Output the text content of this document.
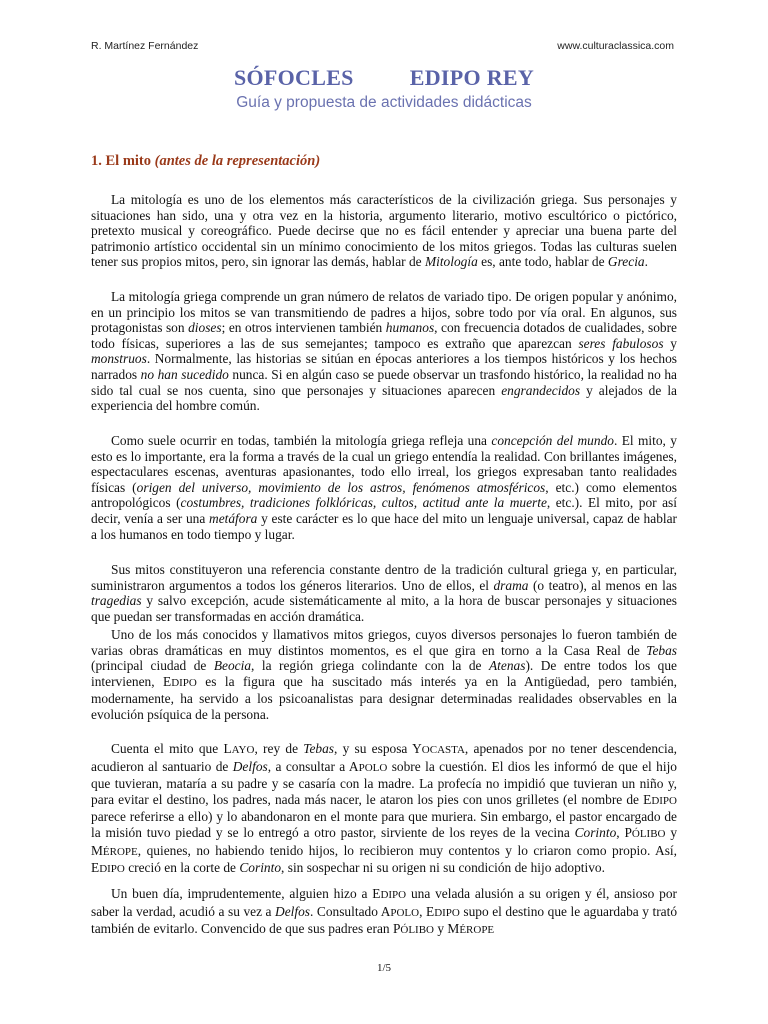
R. Martínez Fernández	www.culturaclassica.com
SÓFOCLES	EDIPO REY
Guía y propuesta de actividades didácticas
1. El mito (antes de la representación)

La mitología es uno de los elementos más característicos de la civilización griega. Sus personajes y situaciones han sido, una y otra vez en la historia, argumento literario, motivo escultórico o pictórico, pretexto musical y coreográfico. Puede decirse que no es fácil entender y apreciar una buena parte del patrimonio artístico occidental sin un mínimo conocimiento de los mitos griegos. Todas las culturas suelen tener sus propios mitos, pero, sin ignorar las demás, hablar de Mitología es, ante todo, hablar de Grecia.

La mitología griega comprende un gran número de relatos de variado tipo. De origen popular y anónimo, en un principio los mitos se van transmitiendo de padres a hijos, sobre todo por vía oral. En algunos, sus protagonistas son dioses; en otros intervienen también humanos, con frecuencia dotados de cualidades, sobre todo físicas, superiores a las de sus semejantes; tampoco es extraño que aparezcan seres fabulosos y monstruos. Normalmente, las historias se sitúan en épocas anteriores a los tiempos históricos y los hechos narrados no han sucedido nunca. Si en algún caso se puede observar un trasfondo histórico, la realidad no ha sido tal cual se nos cuenta, sino que personajes y situaciones aparecen engrandecidos y alejados de la experiencia del hombre común.

Como suele ocurrir en todas, también la mitología griega refleja una concepción del mundo. El mito, y esto es lo importante, era la forma a través de la cual un griego entendía la realidad. Con brillantes imágenes, espectaculares escenas, aventuras apasionantes, todo ello irreal, los griegos expresaban tanto realidades físicas (origen del universo, movimiento de los astros, fenómenos atmosféricos, etc.) como elementos antropológicos (costumbres, tradiciones folklóricas, cultos, actitud ante la muerte, etc.). El mito, por así decir, venía a ser una metáfora y este carácter es lo que hace del mito un lenguaje universal, capaz de hablar a los humanos en todo tiempo y lugar.

Sus mitos constituyeron una referencia constante dentro de la tradición cultural griega y, en particular, suministraron argumentos a todos los géneros literarios. Uno de ellos, el drama (o teatro), al menos en las tragedias y salvo excepción, acude sistemáticamente al mito, a la hora de buscar personajes y situaciones que puedan ser transformadas en acción dramática.

Uno de los más conocidos y llamativos mitos griegos, cuyos diversos personajes lo fueron también de varias obras dramáticas en muy distintos momentos, es el que gira en torno a la Casa Real de Tebas (principal ciudad de Beocia, la región griega colindante con la de Atenas). De entre todos los que intervienen, EDIPO es la figura que ha suscitado más interés ya en la Antigüedad, pero también, modernamente, ha servido a los psicoanalistas para designar determinadas realidades observables en la evolución psíquica de la persona.

Cuenta el mito que LAYO, rey de Tebas, y su esposa YOCASTA, apenados por no tener descendencia, acudieron al santuario de Delfos, a consultar a APOLO sobre la cuestión. El dios les informó de que el hijo que tuvieran, mataría a su padre y se casaría con la madre. La profecía no impidió que tuvieran un niño y, para evitar el destino, los padres, nada más nacer, le ataron los pies con unos grilletes (el nombre de EDIPO parece referirse a ello) y lo abandonaron en el monte para que muriera. Sin embargo, el pastor encargado de la misión tuvo piedad y se lo entregó a otro pastor, sirviente de los reyes de la vecina Corinto, PÓLIBO y MÉROPE, quienes, no habiendo tenido hijos, lo recibieron muy contentos y lo criaron como propio. Así, EDIPO creció en la corte de Corinto, sin sospechar ni su origen ni su condición de hijo adoptivo.

Un buen día, imprudentemente, alguien hizo a EDIPO una velada alusión a su origen y él, ansioso por saber la verdad, acudió a su vez a Delfos. Consultado APOLO, EDIPO supo el destino que le aguardaba y trató también de evitarlo. Convencido de que sus padres eran PÓLIBO y MÉROPE

1/5
